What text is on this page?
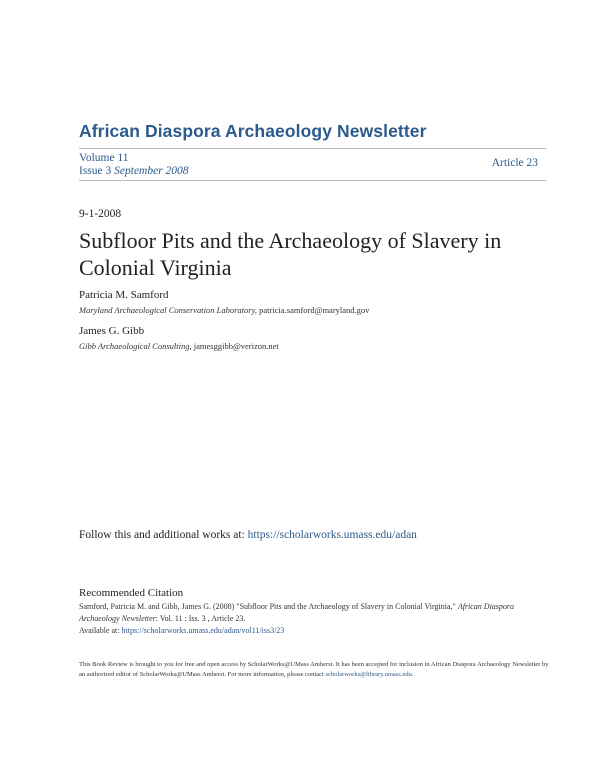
African Diaspora Archaeology Newsletter
Volume 11
Issue 3 September 2008
Article 23
9-1-2008
Subfloor Pits and the Archaeology of Slavery in Colonial Virginia
Patricia M. Samford
Maryland Archaeological Conservation Laboratory, patricia.samford@maryland.gov
James G. Gibb
Gibb Archaeological Consulting, jamesggibb@verizon.net
Follow this and additional works at: https://scholarworks.umass.edu/adan
Recommended Citation
Samford, Patricia M. and Gibb, James G. (2008) "Subfloor Pits and the Archaeology of Slavery in Colonial Virginia," African Diaspora Archaeology Newsletter: Vol. 11 : Iss. 3 , Article 23.
Available at: https://scholarworks.umass.edu/adan/vol11/iss3/23
This Book Review is brought to you for free and open access by ScholarWorks@UMass Amherst. It has been accepted for inclusion in African Diaspora Archaeology Newsletter by an authorized editor of ScholarWorks@UMass Amherst. For more information, please contact scholarworks@library.umass.edu.
